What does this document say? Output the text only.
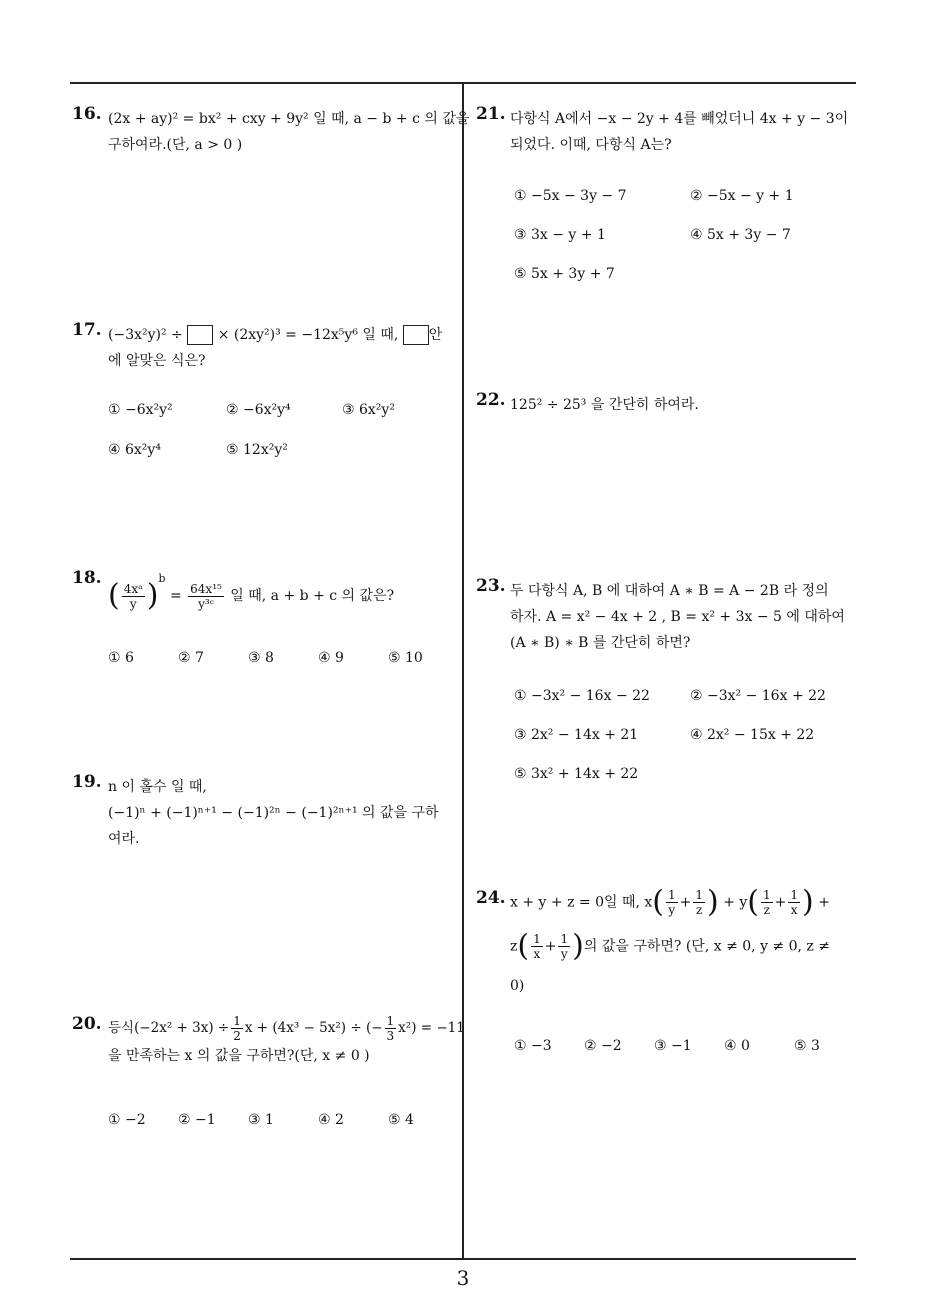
16. (2x + ay)² = bx² + cxy + 9y² 일 때, a − b + c 의 값을
구하여라.(단, a > 0 )
17. (−3x²y)² ÷ × (2xy²)³ = −12x⁵y⁶ 일 때, 안
에 알맞은 식은?
① −6x²y²	② −6x²y⁴	③ 6x²y²
④ 6x²y⁴	⑤ 12x²y²
18. ( $\frac{\text{4xᵃ}}{y} )^b = \frac{\text{64x¹⁵}}{\text{y³ᶜ}}$ 일 때, a + b + c 의 값은?
① 6	② 7	③ 8	④ 9	⑤ 10
19. n 이 홀수 일 때,
(−1)ⁿ + (−1)ⁿ⁺¹ − (−1)²ⁿ − (−1)²ⁿ⁺¹ 의 값을 구하
여라.
20. 등식$(-2x^2 + 3x) \div \frac{1}{2}$ x + (4x³ − 5x²) ÷ (− $\frac{1}{3} x^2) = -11$
을 만족하는 x 의 값을 구하면?(단, x ≠ 0 )
① −2 ② −1 ③ 1	④ 2	⑤ 4
21. 다항식 A에서 −x − 2y + 4를 빼었더니 4x + y − 3이
되었다. 이때, 다항식 A는?
① −5x − 3y − 7	② −5x − y + 1
③ 3x − y + 1	④ 5x + 3y − 7
⑤ 5x + 3y + 7
22. 125² ÷ 25³ 을 간단히 하여라.
23. 두 다항식 A, B 에 대하여 A ∗ B = A − 2B 라 정의
하자. A = x² − 4x + 2 , B = x² + 3x − 5 에 대하여
(A ∗ B) ∗ B 를 간단히 하면?
① −3x² − 16x − 22	② −3x² − 16x + 22
③ 2x² − 14x + 21	④ 2x² − 15x + 22
⑤ 3x² + 14x + 22
24. x + y + z = 0일 때, $x( \frac{1}{y} + \frac{1}{z}$ ) + $y( \frac{1}{z} + \frac{1}{x}$ ) +
$z( \frac{1}{x} + \frac{1}{y}$ )의 값을 구하면? (단, x ≠ 0, y ≠ 0, z ≠
0)
① −3 ② −2 ③ −1 ④ 0	⑤ 3
3
